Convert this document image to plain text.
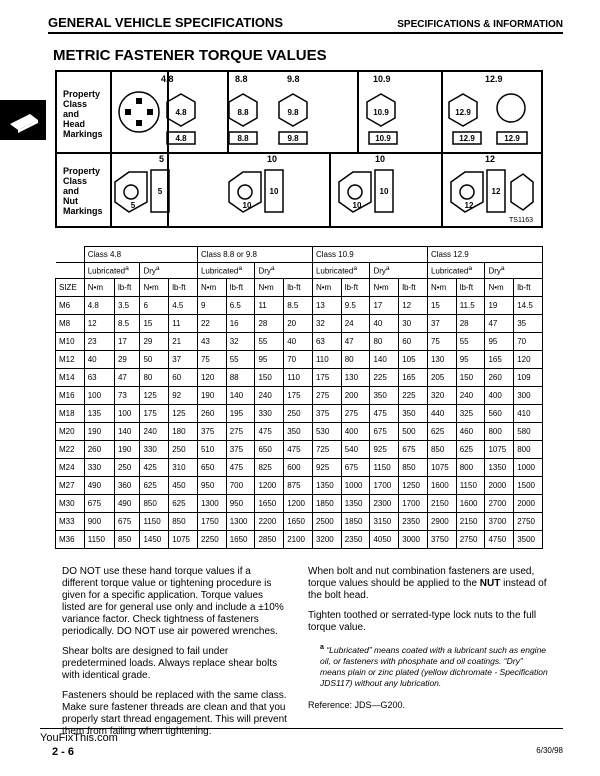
GENERAL VEHICLE SPECIFICATIONS	SPECIFICATIONS & INFORMATION
METRIC FASTENER TORQUE VALUES
Property
Class
and
Head
Markings
4.8	8.8	9.8	10.9	12.9
4.8
4.8
8.8
8.8
9.8
9.8
10.9
10.9
12.9
12.9	12.9
Property
Class
and
Nut
Markings
5	10	10	12
5
5
10
10
10
10
12
12
TS1163
	Class 4.8				Class 8.8 or 9.8				Class 10.9				Class 12.9			
	Lubricated$^a$		Dry$^a$		Lubricated$^a$		Dry$^a$		Lubricated$^a$		Dry$^a$		Lubricated$^a$		Dry$^a$
SIZE	N•m	lb-ft	N•m	lb-ft	N•m	lb-ft	N•m	lb-ft	N•m	lb-ft	N•m	lb-ft	N•m	lb-ft	N•m	lb-ft
M6	4.8	3.5	6	4.5	9	6.5	11	8.5	13	9.5	17	12	15	11.5	19	14.5
M8	12	8.5	15	11	22	16	28	20	32	24	40	30	37	28	47	35
M10	23	17	29	21	43	32	55	40	63	47	80	60	75	55	95	70
M12	40	29	50	37	75	55	95	70	110	80	140	105	130	95	165	120
M14	63	47	80	60	120	88	150	110	175	130	225	165	205	150	260	109
M16	100	73	125	92	190	140	240	175	275	200	350	225	320	240	400	300
M18	135	100	175	125	260	195	330	250	375	275	475	350	440	325	560	410
M20	190	140	240	180	375	275	475	350	530	400	675	500	625	460	800	580
M22	260	190	330	250	510	375	650	475	725	540	925	675	850	625	1075	800
M24	330	250	425	310	650	475	825	600	925	675	1150	850	1075	800	1350	1000
M27	490	360	625	450	950	700	1200	875	1350	1000	1700	1250	1600	1150	2000	1500
M30	675	490	850	625	1300	950	1650	1200	1850	1350	2300	1700	2150	1600	2700	2000
M33	900	675	1150	850	1750	1300	2200	1650	2500	1850	3150	2350	2900	2150	3700	2750
M36	1150	850	1450	1075	2250	1650	2850	2100	3200	2350	4050	3000	3750	2750	4750	3500

DO NOT use these hand torque values if a different torque value or tightening procedure is given for a specific application. Torque values listed are for general use only and include a ±10% variance factor. Check tightness of fasteners periodically. DO NOT use air powered wrenches.

Shear bolts are designed to fail under predetermined loads. Always replace shear bolts with identical grade.

Fasteners should be replaced with the same class. Make sure fastener threads are clean and that you properly start thread engagement. This will prevent them from failing when tightening.

When bolt and nut combination fasteners are used, torque values should be applied to the NUT instead of the bolt head.

Tighten toothed or serrated-type lock nuts to the full torque value.

$^a$ “Lubricated” means coated with a lubricant such as engine oil, or fasteners with phosphate and oil coatings. “Dry” means plain or zinc plated (yellow dichromate - Specification JDS117) without any lubrication.

Reference: JDS—G200.

YouFixThis.com
2 - 6	6/30/98
